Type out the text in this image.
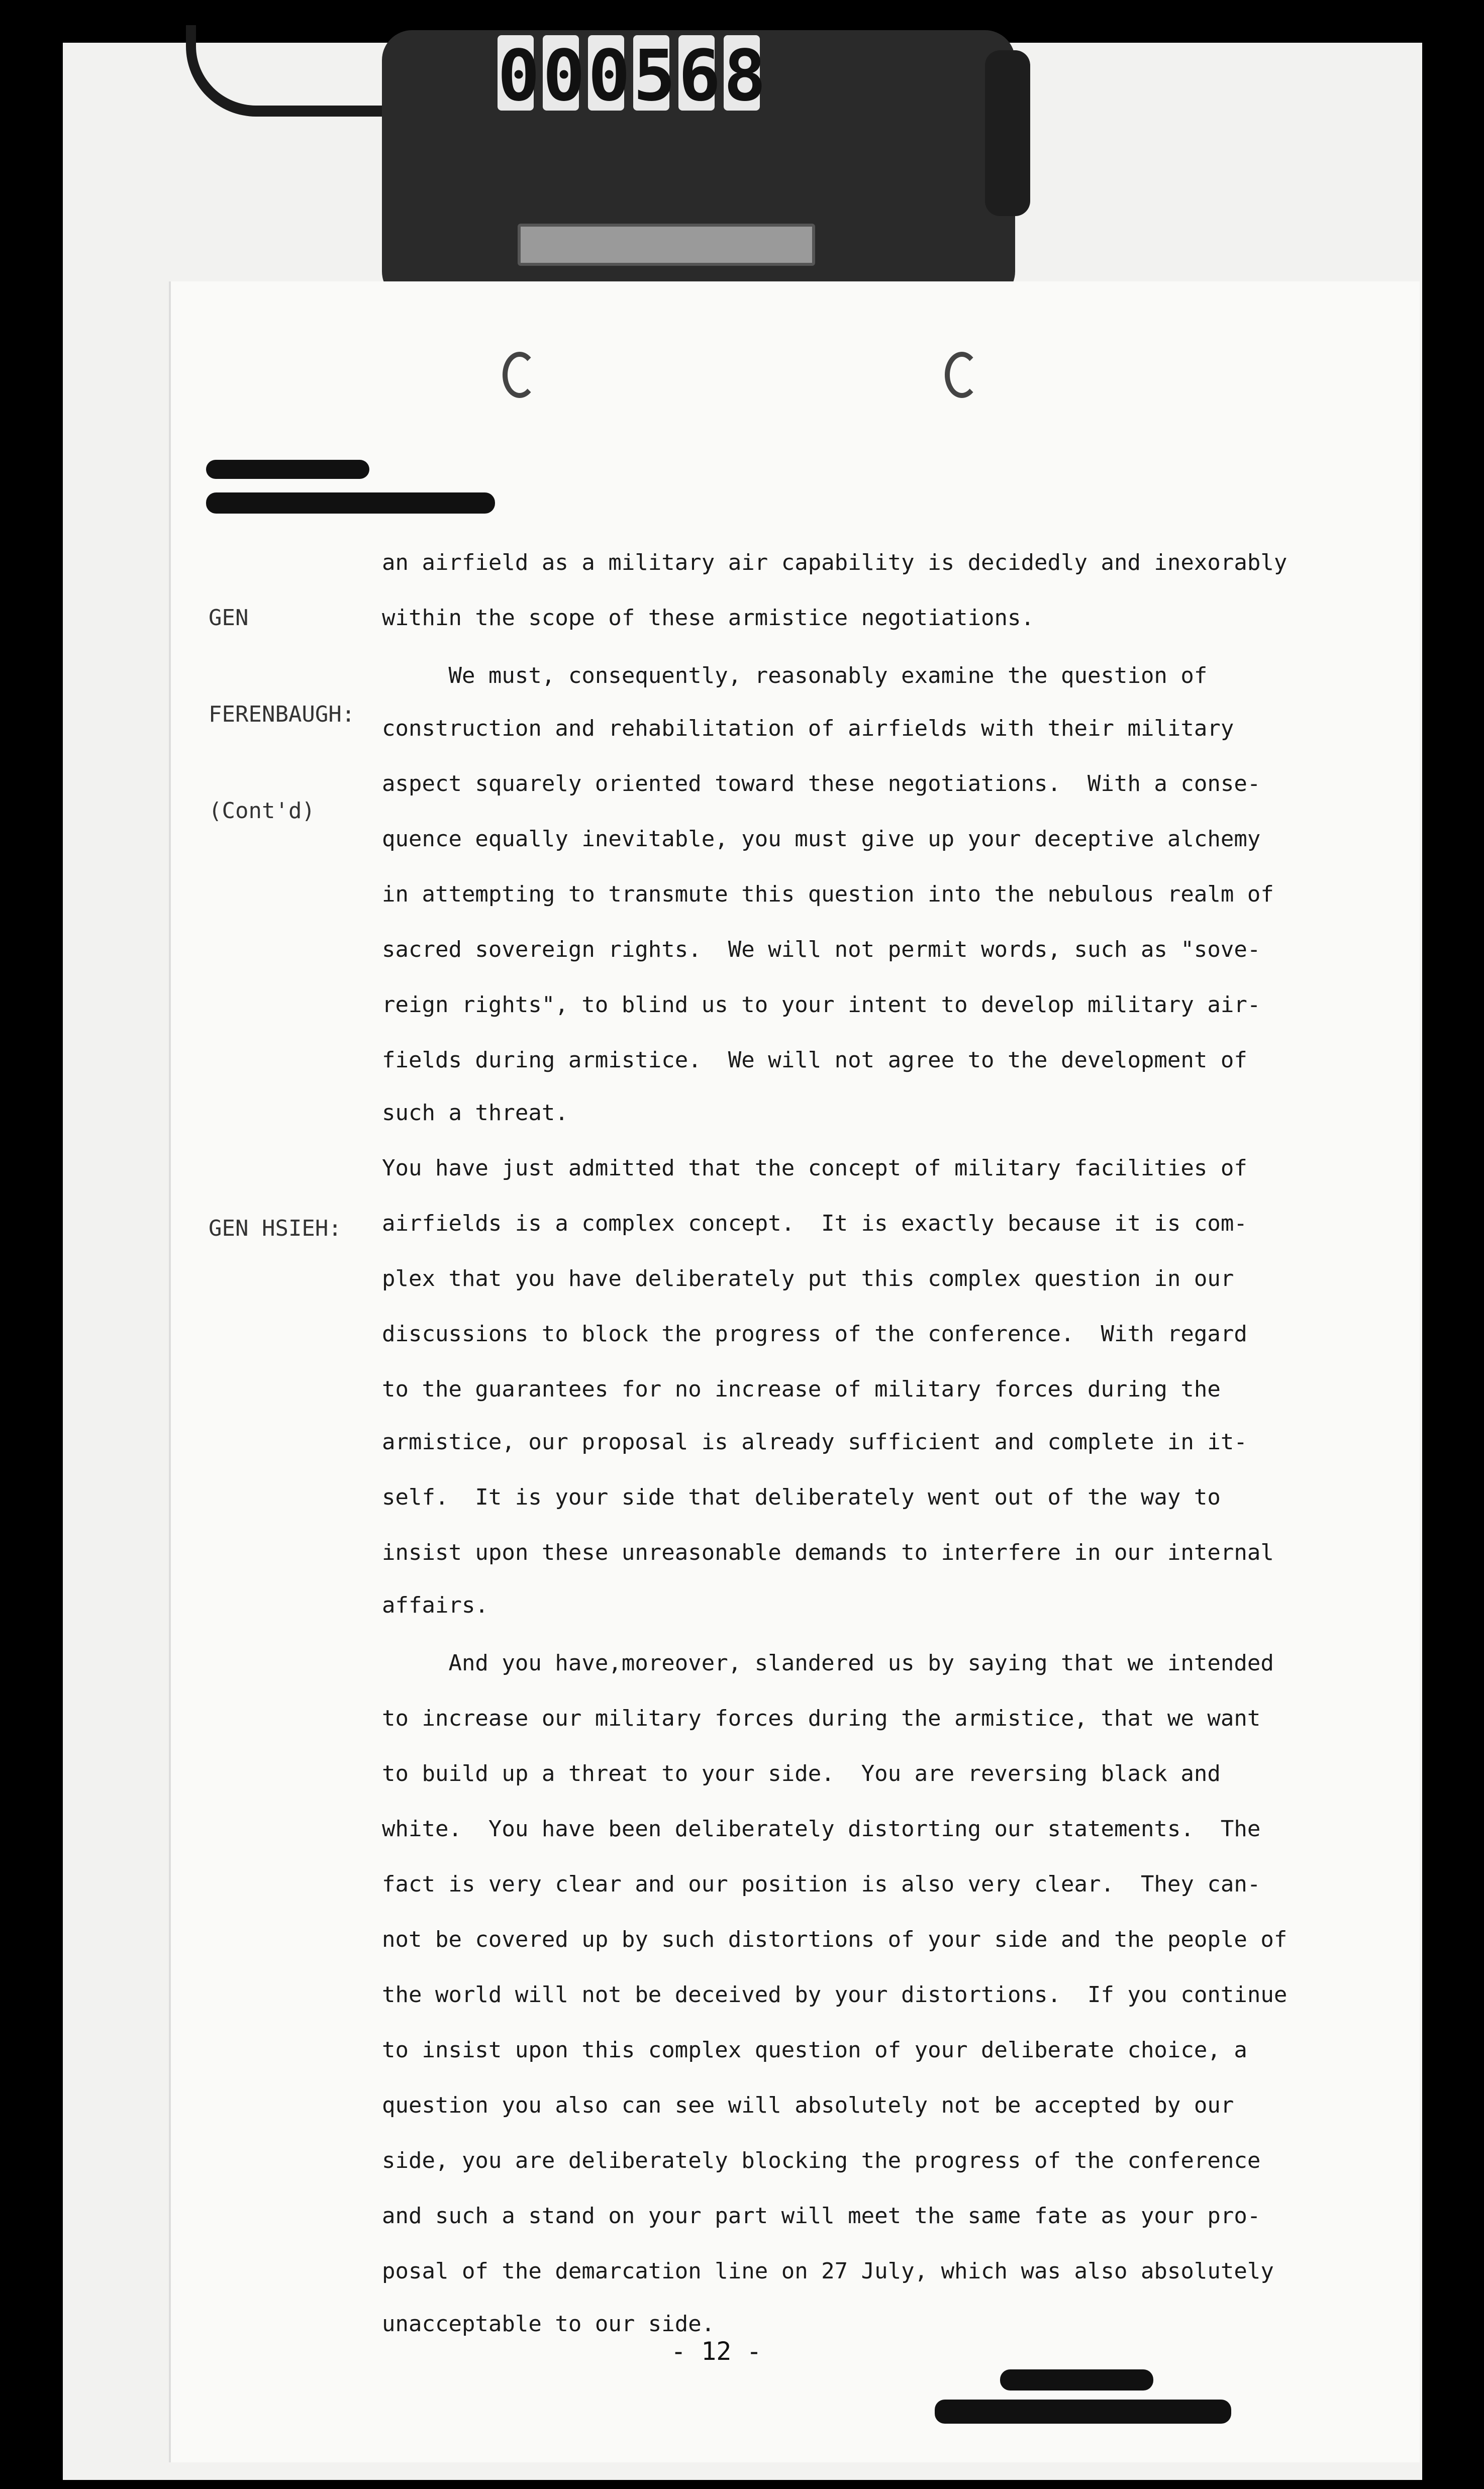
0 0 0 5 6 8

GEN

FERENBAUGH:

(Cont'd)

GEN HSIEH:

an airfield as a military air capability is decidedly and inexorably
within the scope of these armistice negotiations.
We must, consequently, reasonably examine the question of
construction and rehabilitation of airfields with their military
aspect squarely oriented toward these negotiations.  With a conse-
quence equally inevitable, you must give up your deceptive alchemy
in attempting to transmute this question into the nebulous realm of
sacred sovereign rights.  We will not permit words, such as "sove-
reign rights", to blind us to your intent to develop military air-
fields during armistice.  We will not agree to the development of
such a threat.
You have just admitted that the concept of military facilities of
airfields is a complex concept.  It is exactly because it is com-
plex that you have deliberately put this complex question in our
discussions to block the progress of the conference.  With regard
to the guarantees for no increase of military forces during the
armistice, our proposal is already sufficient and complete in it-
self.  It is your side that deliberately went out of the way to
insist upon these unreasonable demands to interfere in our internal
affairs.
And you have,moreover, slandered us by saying that we intended
to increase our military forces during the armistice, that we want
to build up a threat to your side.  You are reversing black and
white.  You have been deliberately distorting our statements.  The
fact is very clear and our position is also very clear.  They can-
not be covered up by such distortions of your side and the people of
the world will not be deceived by your distortions.  If you continue
to insist upon this complex question of your deliberate choice, a
question you also can see will absolutely not be accepted by our
side, you are deliberately blocking the progress of the conference
and such a stand on your part will meet the same fate as your pro-
posal of the demarcation line on 27 July, which was also absolutely
unacceptable to our side.
- 12 -
